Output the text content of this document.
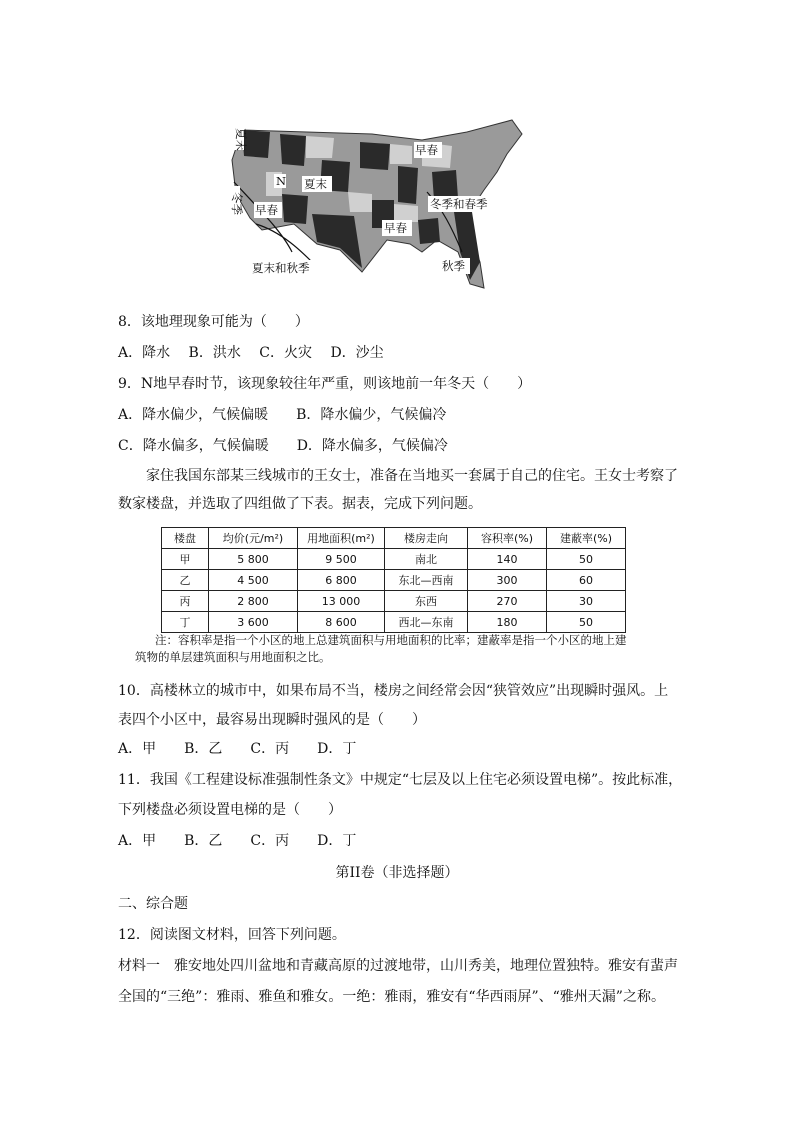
夏末	早春
N
冬季 早春	冬季和春季
早春
秋季
夏末和秋季
夏末
8．该地理现象可能为（　　）
A．降水　 B．洪水　 C．火灾　 D．沙尘
9．N地早春时节，该现象较往年严重，则该地前一年冬天（　　）
A．降水偏少，气候偏暖　　B．降水偏少，气候偏冷
C．降水偏多，气候偏暖　　D．降水偏多，气候偏冷
家住我国东部某三线城市的王女士，准备在当地买一套属于自己的住宅。王女士考察了数家楼盘，并选取了四组做了下表。据表，完成下列问题。
楼盘	均价(元/m²)	用地面积(m²)	楼房走向	容积率(%)	建蔽率(%)
甲	5 800	9 500	南北	140	50
乙	4 500	6 800	东北—西南	300	60
丙	2 800	13 000	东西	270	30
丁	3 600	8 600	西北—东南	180	50
注：容积率是指一个小区的地上总建筑面积与用地面积的比率；建蔽率是指一个小区的地上建
筑物的单层建筑面积与用地面积之比。
10．高楼林立的城市中，如果布局不当，楼房之间经常会因“狭管效应”出现瞬时强风。上
表四个小区中，最容易出现瞬时强风的是（　　）
A．甲　　B．乙　　C．丙　　D．丁
11．我国《工程建设标准强制性条文》中规定“七层及以上住宅必须设置电梯”。按此标准，
下列楼盘必须设置电梯的是（　　）
A．甲　　B．乙　　C．丙　　D．丁
第II卷（非选择题）
二、综合题
12．阅读图文材料，回答下列问题。
材料一　雅安地处四川盆地和青藏高原的过渡地带，山川秀美，地理位置独特。雅安有蜚声
全国的“三绝”：雅雨、雅鱼和雅女。一绝：雅雨，雅安有“华西雨屏”、“雅州天漏”之称。
